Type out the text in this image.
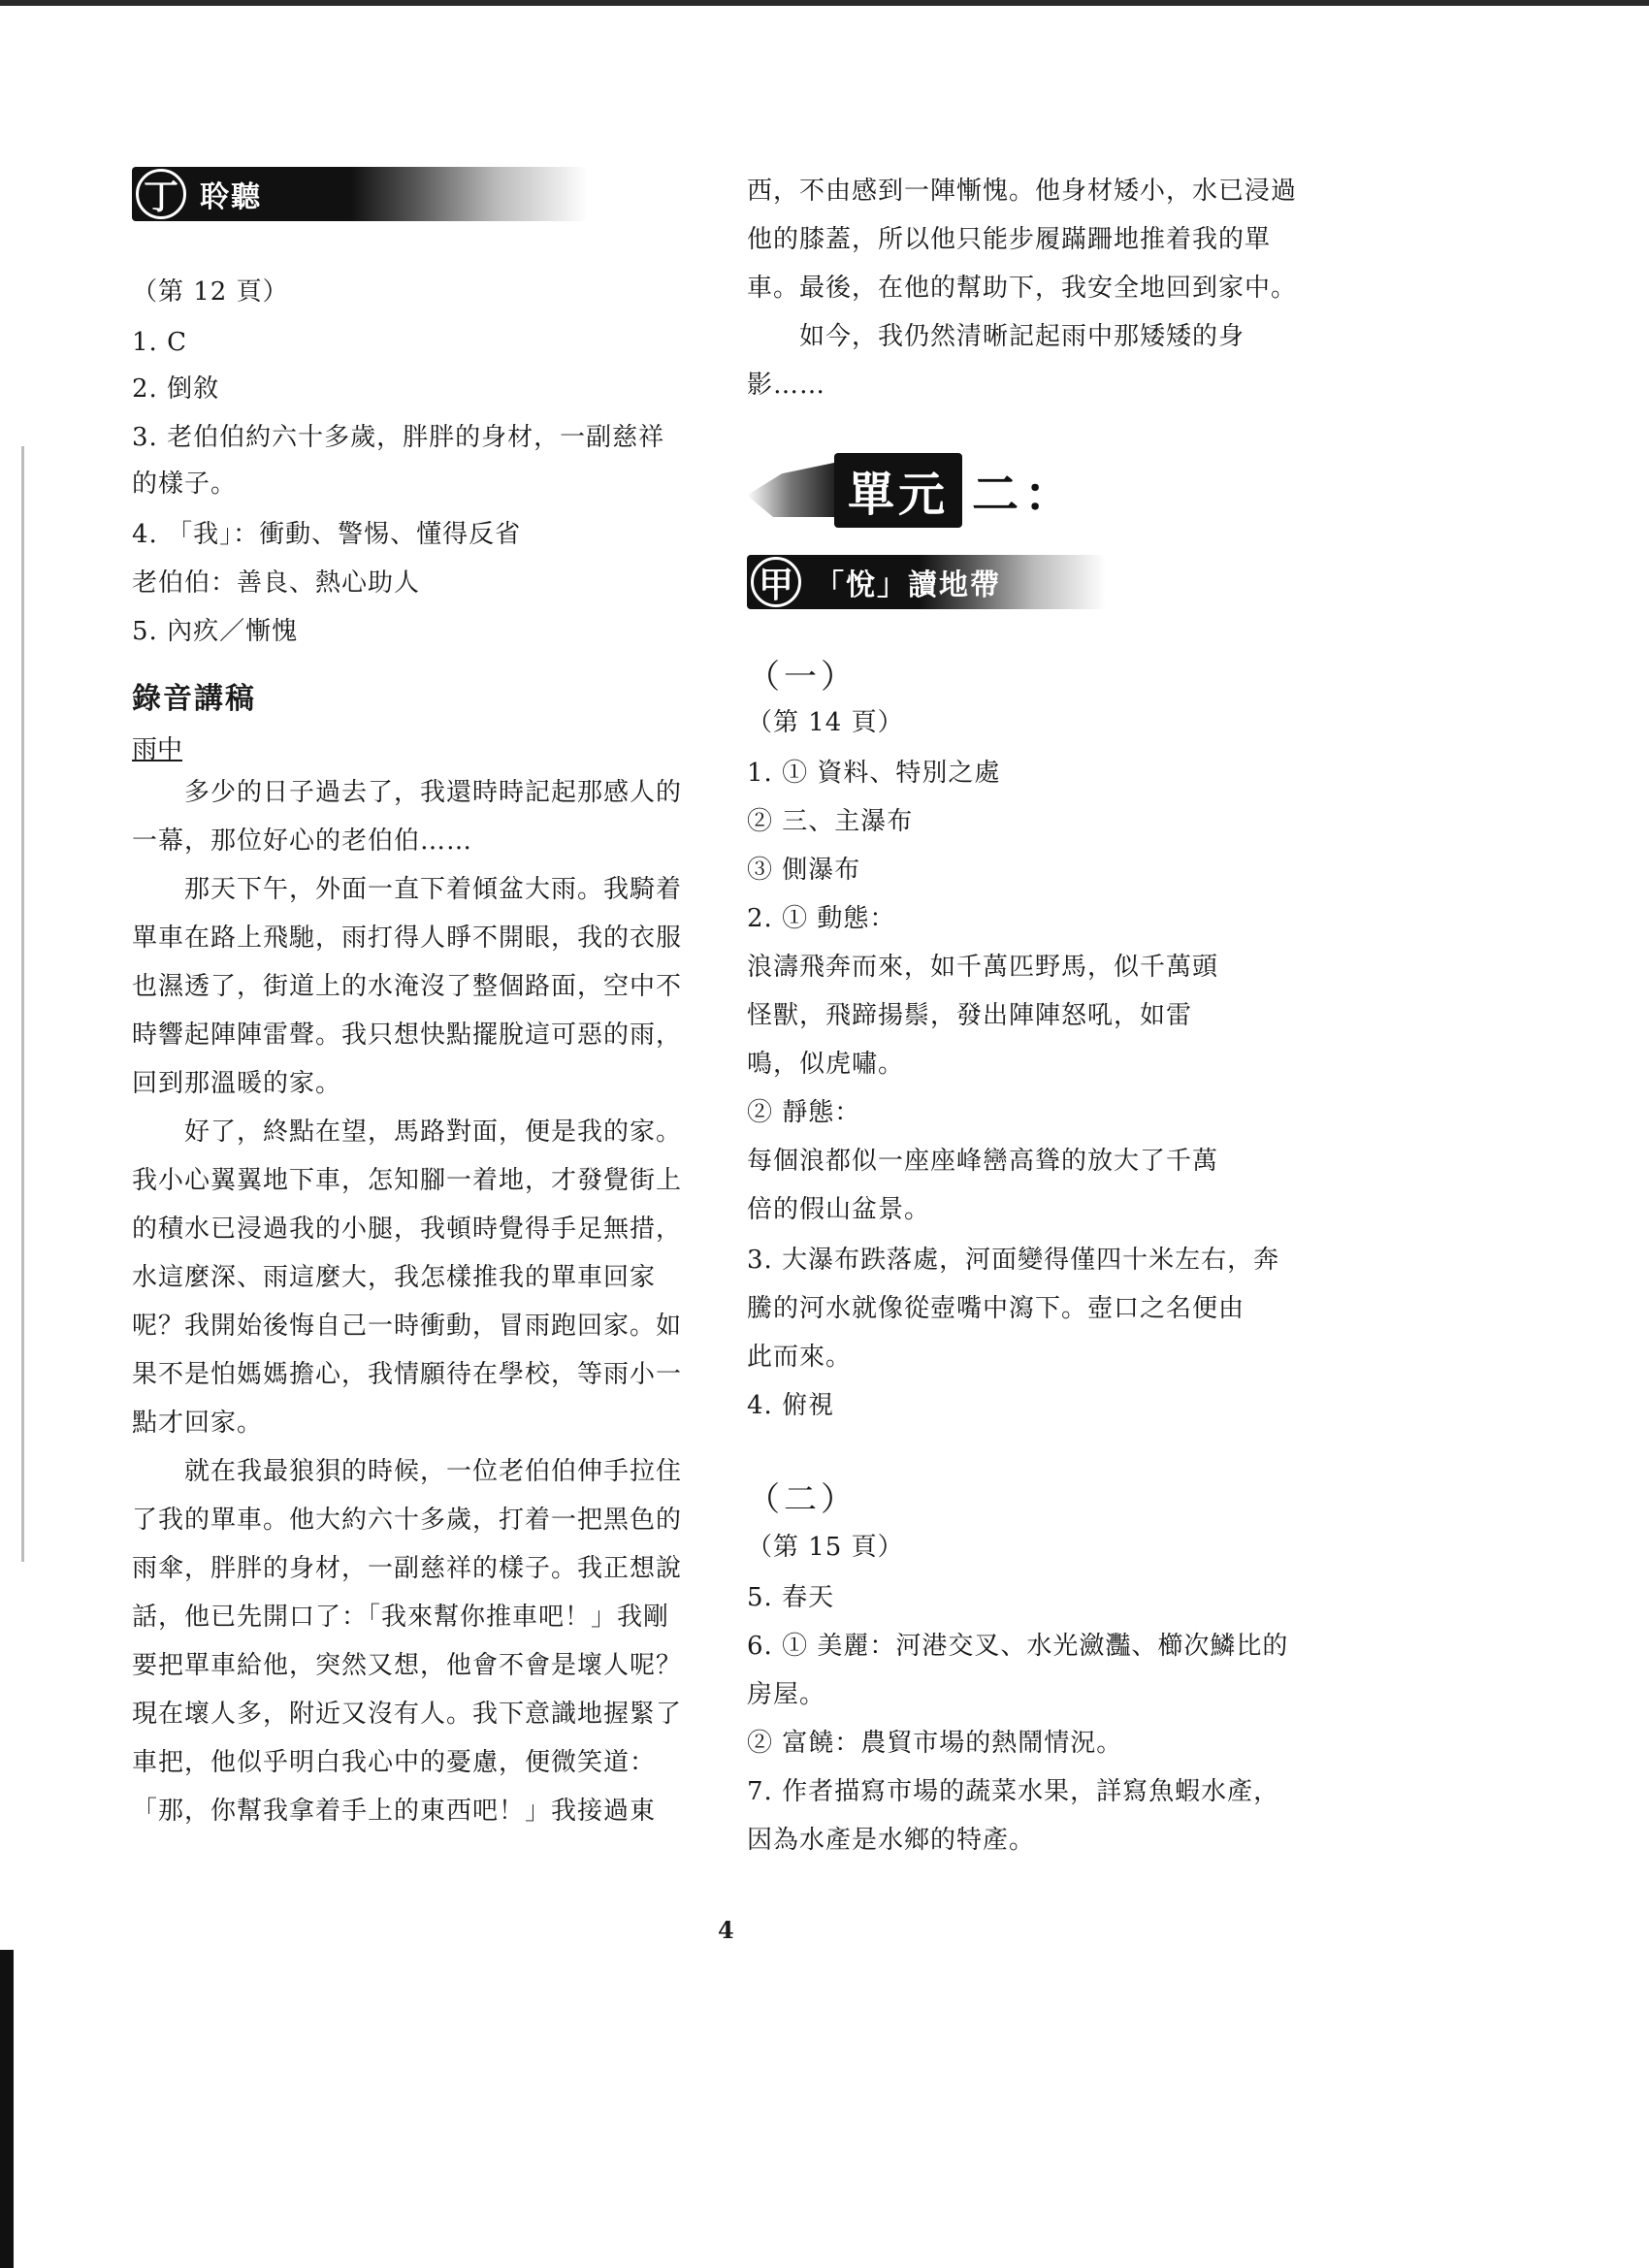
丁 聆聽
（第 12 頁）
1. C
2. 倒敘
3. 老伯伯約六十多歲，胖胖的身材，一副慈祥
的樣子。
4. 「我」：衝動、警惕、懂得反省
老伯伯：善良、熱心助人
5. 內疚／慚愧
錄音講稿
雨中
　　多少的日子過去了，我還時時記起那感人的
一幕，那位好心的老伯伯……
　　那天下午，外面一直下着傾盆大雨。我騎着
單車在路上飛馳，雨打得人睜不開眼，我的衣服
也濕透了，街道上的水淹沒了整個路面，空中不
時響起陣陣雷聲。我只想快點擺脫這可惡的雨，
回到那溫暖的家。
　　好了，終點在望，馬路對面，便是我的家。
我小心翼翼地下車，怎知腳一着地，才發覺街上
的積水已浸過我的小腿，我頓時覺得手足無措，
水這麼深、雨這麼大，我怎樣推我的單車回家
呢？我開始後悔自己一時衝動，冒雨跑回家。如
果不是怕媽媽擔心，我情願待在學校，等雨小一
點才回家。
　　就在我最狼狽的時候，一位老伯伯伸手拉住
了我的單車。他大約六十多歲，打着一把黑色的
雨傘，胖胖的身材，一副慈祥的樣子。我正想說
話，他已先開口了：「我來幫你推車吧！」我剛
要把單車給他，突然又想，他會不會是壞人呢？
現在壞人多，附近又沒有人。我下意識地握緊了
車把，他似乎明白我心中的憂慮，便微笑道：
「那，你幫我拿着手上的東西吧！」我接過東
西，不由感到一陣慚愧。他身材矮小，水已浸過
他的膝蓋，所以他只能步履蹣跚地推着我的單
車。最後，在他的幫助下，我安全地回到家中。
　　如今，我仍然清晰記起雨中那矮矮的身
影……
單元 二：
甲 「悅」讀地帶
（一）
（第 14 頁）
1. ① 資料、特別之處
② 三、主瀑布
③ 側瀑布
2. ① 動態：
浪濤飛奔而來，如千萬匹野馬，似千萬頭
怪獸，飛蹄揚鬃，發出陣陣怒吼，如雷
鳴，似虎嘯。
② 靜態：
每個浪都似一座座峰巒高聳的放大了千萬
倍的假山盆景。
3. 大瀑布跌落處，河面變得僅四十米左右，奔
騰的河水就像從壺嘴中瀉下。壺口之名便由
此而來。
4. 俯視
（二）
（第 15 頁）
5. 春天
6. ① 美麗：河港交叉、水光瀲灩、櫛次鱗比的
房屋。
② 富饒：農貿市場的熱鬧情況。
7. 作者描寫市場的蔬菜水果，詳寫魚蝦水產，
因為水產是水鄉的特產。
4
